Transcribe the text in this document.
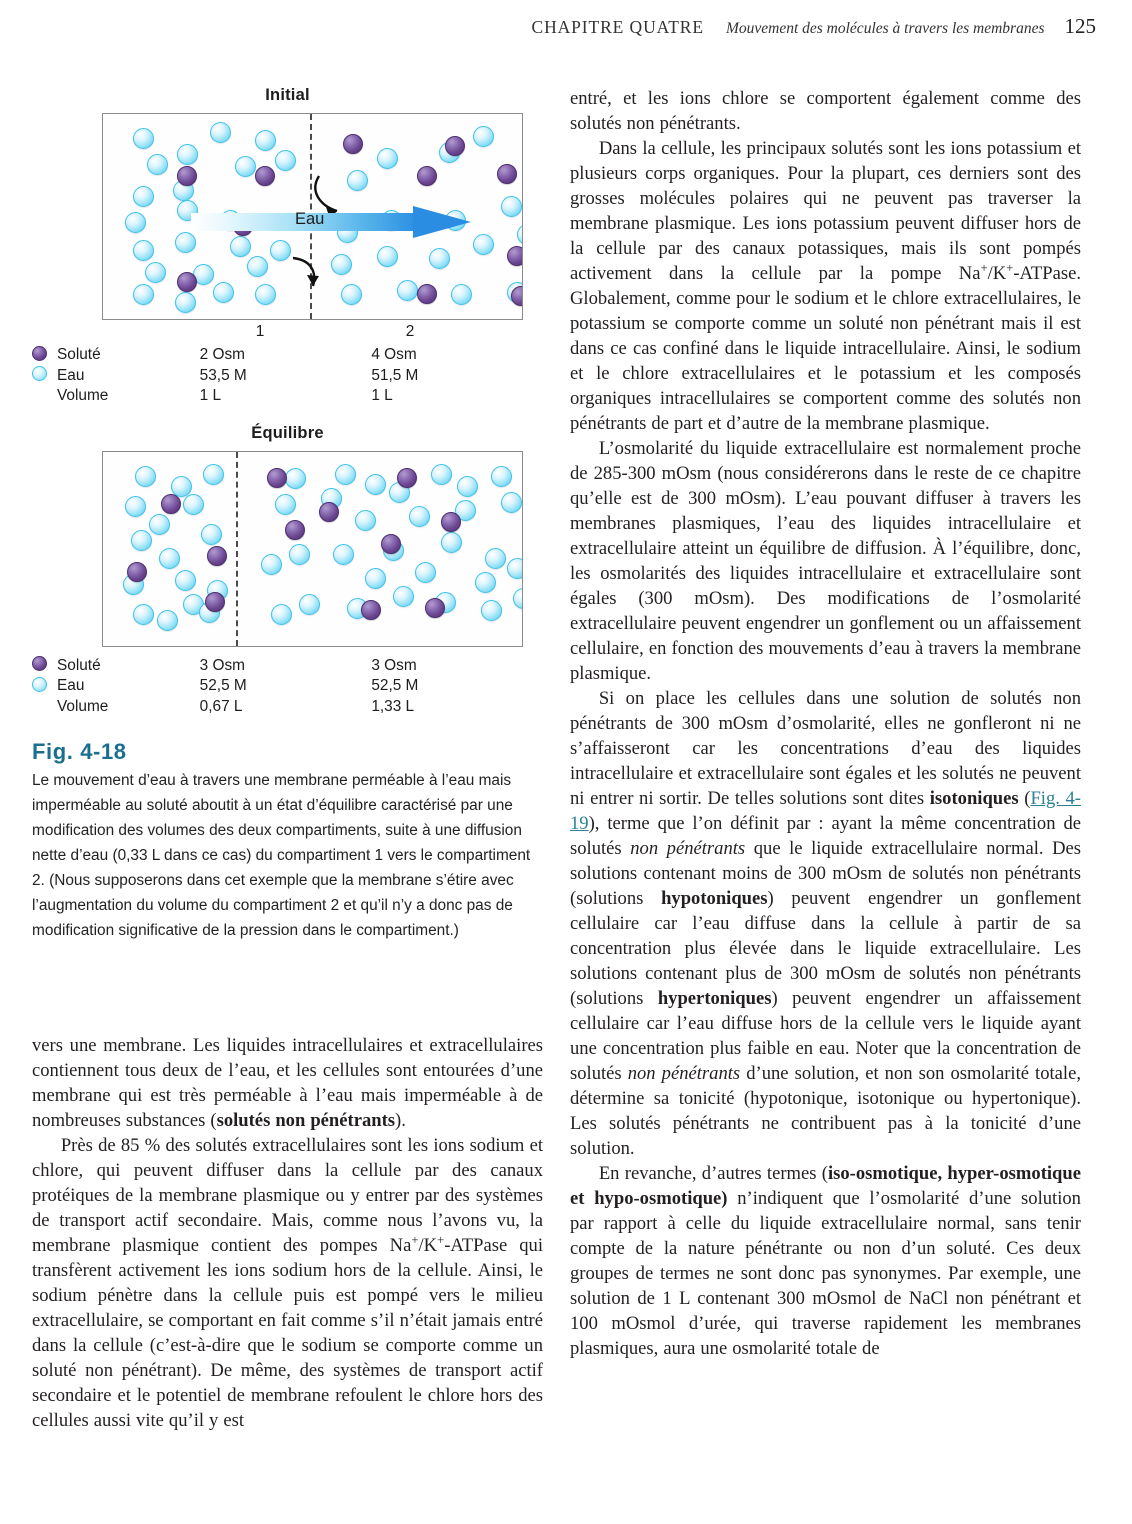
CHAPITRE QUATRE Mouvement des molécules à travers les membranes 125
Initial
Eau
1	2
Soluté	2 Osm	4 Osm
Eau	53,5 M	51,5 M
Volume	1 L	1 L
Équilibre
Soluté	3 Osm	3 Osm
Eau	52,5 M	52,5 M
Volume	0,67 L	1,33 L
Fig. 4-18
Le mouvement d’eau à travers une membrane perméable à l’eau mais imperméable au soluté aboutit à un état d’équilibre caractérisé par une modification des volumes des deux compartiments, suite à une diffusion nette d’eau (0,33 L dans ce cas) du compartiment 1 vers le compartiment 2. (Nous supposerons dans cet exemple que la membrane s’étire avec l’augmentation du volume du compartiment 2 et qu’il n’y a donc pas de modification significative de la pression dans le compartiment.)

vers une membrane. Les liquides intracellulaires et extracellulaires contiennent tous deux de l’eau, et les cellules sont entourées d’une membrane qui est très perméable à l’eau mais imperméable à de nombreuses substances (solutés non pénétrants).

Près de 85 % des solutés extracellulaires sont les ions sodium et chlore, qui peuvent diffuser dans la cellule par des canaux protéiques de la membrane plasmique ou y entrer par des systèmes de transport actif secondaire. Mais, comme nous l’avons vu, la membrane plasmique contient des pompes Na+/K+-ATPase qui transfèrent activement les ions sodium hors de la cellule. Ainsi, le sodium pénètre dans la cellule puis est pompé vers le milieu extracellulaire, se comportant en fait comme s’il n’était jamais entré dans la cellule (c’est-à-dire que le sodium se comporte comme un soluté non pénétrant). De même, des systèmes de transport actif secondaire et le potentiel de membrane refoulent le chlore hors des cellules aussi vite qu’il y est

entré, et les ions chlore se comportent également comme des solutés non pénétrants.

Dans la cellule, les principaux solutés sont les ions potassium et plusieurs corps organiques. Pour la plupart, ces derniers sont des grosses molécules polaires qui ne peuvent pas traverser la membrane plasmique. Les ions potassium peuvent diffuser hors de la cellule par des canaux potassiques, mais ils sont pompés activement dans la cellule par la pompe Na+/K+-ATPase. Globalement, comme pour le sodium et le chlore extracellulaires, le potassium se comporte comme un soluté non pénétrant mais il est dans ce cas confiné dans le liquide intracellulaire. Ainsi, le sodium et le chlore extracellulaires et le potassium et les composés organiques intracellulaires se comportent comme des solutés non pénétrants de part et d’autre de la membrane plasmique.

L’osmolarité du liquide extracellulaire est normalement proche de 285-300 mOsm (nous considérerons dans le reste de ce chapitre qu’elle est de 300 mOsm). L’eau pouvant diffuser à travers les membranes plasmiques, l’eau des liquides intracellulaire et extracellulaire atteint un équilibre de diffusion. À l’équilibre, donc, les osmolarités des liquides intracellulaire et extracellulaire sont égales (300 mOsm). Des modifications de l’osmolarité extracellulaire peuvent engendrer un gonflement ou un affaissement cellulaire, en fonction des mouvements d’eau à travers la membrane plasmique.

Si on place les cellules dans une solution de solutés non pénétrants de 300 mOsm d’osmolarité, elles ne gonfleront ni ne s’affaisseront car les concentrations d’eau des liquides intracellulaire et extracellulaire sont égales et les solutés ne peuvent ni entrer ni sortir. De telles solutions sont dites isotoniques (Fig. 4-19), terme que l’on définit par : ayant la même concentration de solutés non pénétrants que le liquide extracellulaire normal. Des solutions contenant moins de 300 mOsm de solutés non pénétrants (solutions hypotoniques) peuvent engendrer un gonflement cellulaire car l’eau diffuse dans la cellule à partir de sa concentration plus élevée dans le liquide extracellulaire. Les solutions contenant plus de 300 mOsm de solutés non pénétrants (solutions hypertoniques) peuvent engendrer un affaissement cellulaire car l’eau diffuse hors de la cellule vers le liquide ayant une concentration plus faible en eau. Noter que la concentration de solutés non pénétrants d’une solution, et non son osmolarité totale, détermine sa tonicité (hypotonique, isotonique ou hypertonique). Les solutés pénétrants ne contribuent pas à la tonicité d’une solution.

En revanche, d’autres termes (iso-osmotique, hyper-osmotique et hypo-osmotique) n’indiquent que l’osmolarité d’une solution par rapport à celle du liquide extracellulaire normal, sans tenir compte de la nature pénétrante ou non d’un soluté. Ces deux groupes de termes ne sont donc pas synonymes. Par exemple, une solution de 1 L contenant 300 mOsmol de NaCl non pénétrant et 100 mOsmol d’urée, qui traverse rapidement les membranes plasmiques, aura une osmolarité totale de
